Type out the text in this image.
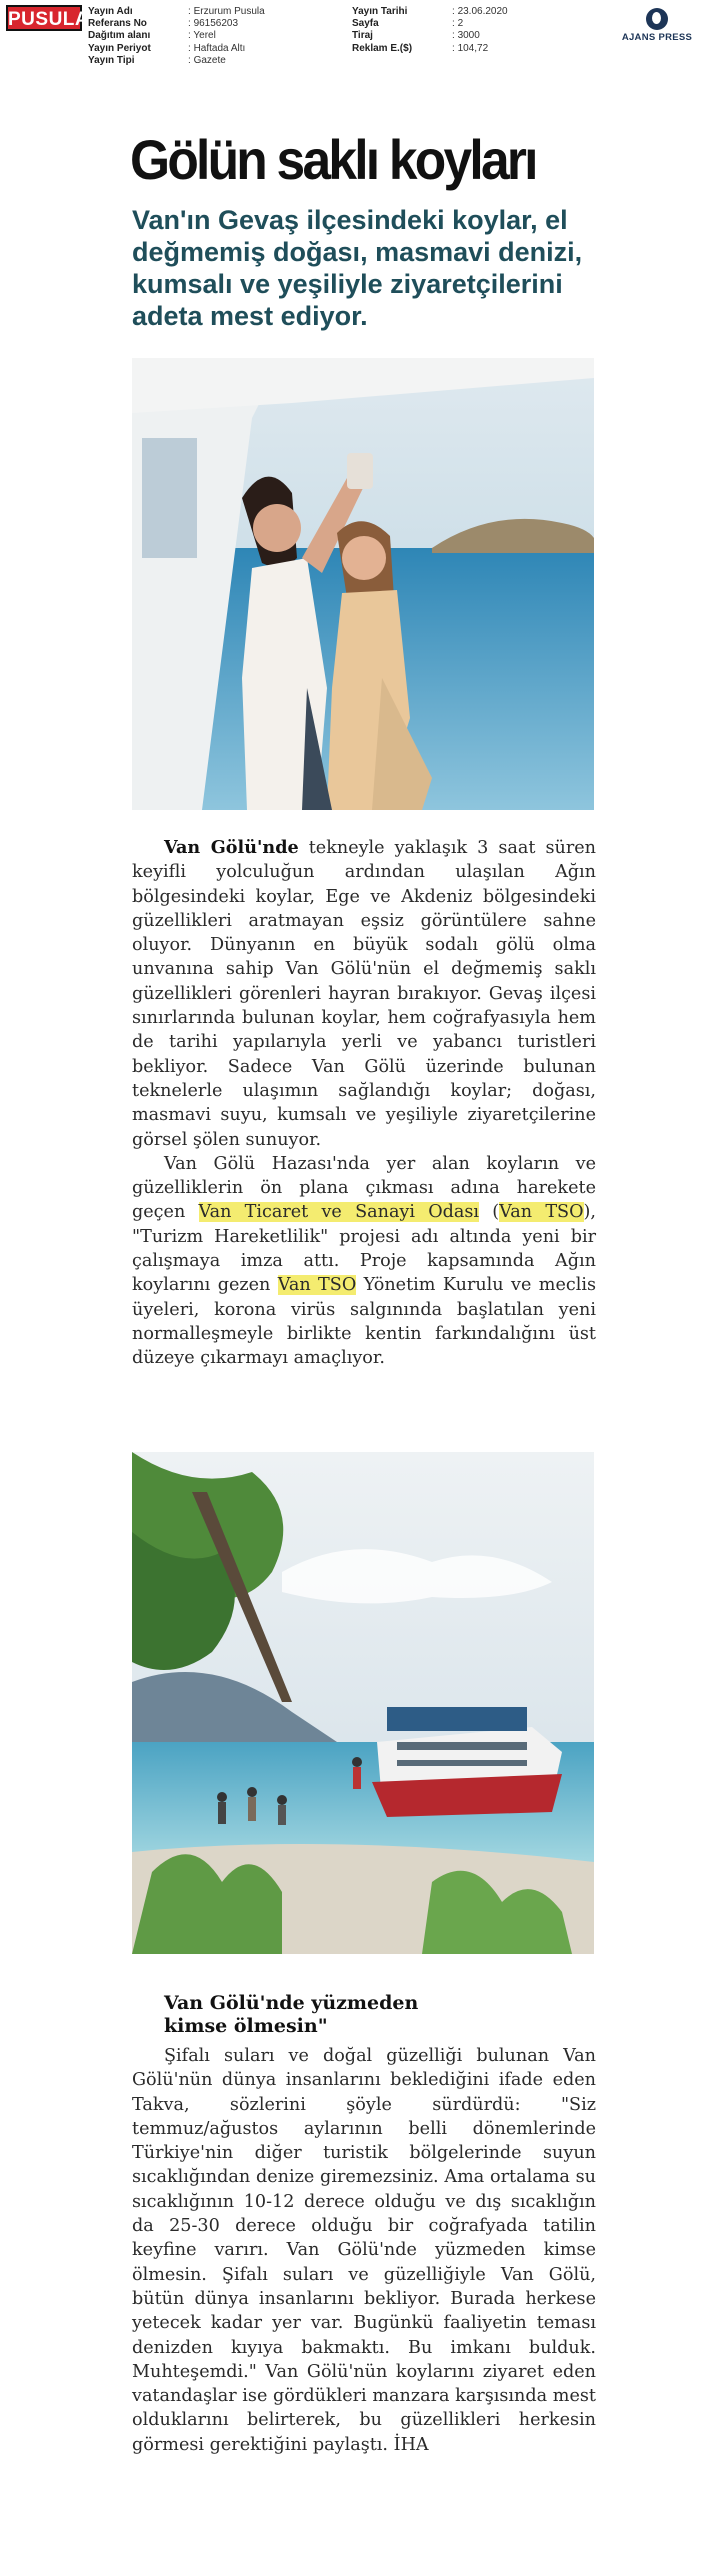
PUSULA
Yayın Adı	: Erzurum Pusula
Referans No	: 96156203
Dağıtım alanı	: Yerel
Yayın Periyot	: Haftada Altı
Yayın Tipi	: Gazete
Yayın Tarihi	: 23.06.2020
Sayfa	: 2
Tiraj	: 3000
Reklam E.($)	: 104,72
AJANS PRESS
Gölün saklı koyları

Van'ın Gevaş ilçesindeki koylar, el değmemiş doğası, masmavi denizi, kumsalı ve yeşiliyle ziyaretçilerini adeta mest ediyor.

Van Gölü'nde tekneyle yaklaşık 3 saat süren keyifli yolculuğun ardından ulaşılan Ağın bölgesindeki koylar, Ege ve Akdeniz bölgesindeki güzellikleri aratmayan eşsiz görüntülere sahne oluyor. Dünyanın en büyük sodalı gölü olma unvanına sahip Van Gölü'nün el değmemiş saklı güzellikleri görenleri hayran bırakıyor. Gevaş ilçesi sınırlarında bulunan koylar, hem coğrafyasıyla hem de tarihi yapılarıyla yerli ve yabancı turistleri bekliyor. Sadece Van Gölü üzerinde bulunan teknelerle ulaşımın sağlandığı koylar; doğası, masmavi suyu, kumsalı ve yeşiliyle ziyaretçilerine görsel şölen sunuyor.

Van Gölü Hazası'nda yer alan koyların ve güzelliklerin ön plana çıkması adına harekete geçen Van Ticaret ve Sanayi Odası (Van TSO), "Turizm Hareketlilik" projesi adı altında yeni bir çalışmaya imza attı. Proje kapsamında Ağın koylarını gezen Van TSO Yönetim Kurulu ve meclis üyeleri, korona virüs salgınında başlatılan yeni normalleşmeyle birlikte kentin farkındalığını üst düzeye çıkarmayı amaçlıyor.

Van Gölü'nde yüzmeden kimse ölmesin"

Şifalı suları ve doğal güzelliği bulunan Van Gölü'nün dünya insanlarını beklediğini ifade eden Takva, sözlerini şöyle sürdürdü: "Siz temmuz/ağustos aylarının belli dönemlerinde Türkiye'nin diğer turistik bölgelerinde suyun sıcaklığından denize giremezsiniz. Ama ortalama su sıcaklığının 10-12 derece olduğu ve dış sıcaklığın da 25-30 derece olduğu bir coğrafyada tatilin keyfine varırı. Van Gölü'nde yüzmeden kimse ölmesin. Şifalı suları ve güzelliğiyle Van Gölü, bütün dünya insanlarını bekliyor. Burada herkese yetecek kadar yer var. Bugünkü faaliyetin teması denizden kıyıya bakmaktı. Bu imkanı bulduk. Muhteşemdi." Van Gölü'nün koylarını ziyaret eden vatandaşlar ise gördükleri manzara karşısında mest olduklarını belirterek, bu güzellikleri herkesin görmesi gerektiğini paylaştı. İHA
